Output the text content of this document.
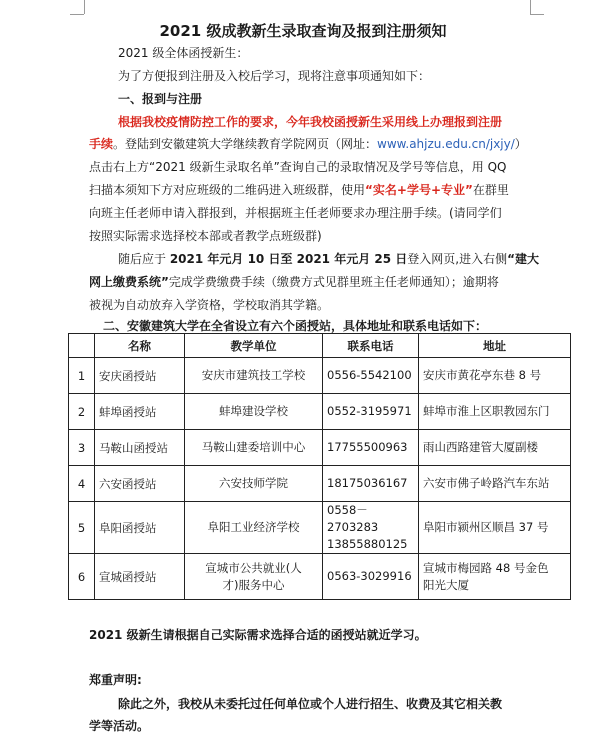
2021 级成教新生录取查询及报到注册须知
2021 级全体函授新生：
为了方便报到注册及入校后学习，现将注意事项通知如下：
一、报到与注册
根据我校疫情防控工作的要求，今年我校函授新生采用线上办理报到注册
手续。登陆到安徽建筑大学继续教育学院网页（网址：www.ahjzu.edu.cn/jxjy/）
点击右上方“2021 级新生录取名单”查询自己的录取情况及学号等信息，用 QQ
扫描本须知下方对应班级的二维码进入班级群，使用“实名+学号+专业”在群里
向班主任老师申请入群报到，并根据班主任老师要求办理注册手续。(请同学们
按照实际需求选择校本部或者教学点班级群)
随后应于 2021 年元月 10 日至 2021 年元月 25 日登入网页,进入右侧“建大
网上缴费系统”完成学费缴费手续（缴费方式见群里班主任老师通知）；逾期将
被视为自动放弃入学资格，学校取消其学籍。
二、安徽建筑大学在全省设立有六个函授站，具体地址和联系电话如下：
	名称	教学单位	联系电话	地址
1	安庆函授站	安庆市建筑技工学校	0556-5542100	安庆市黄花亭东巷 8 号

2	蚌埠函授站	蚌埠建设学校	0552-3195971	蚌埠市淮上区职教园东门

3	马鞍山函授站	马鞍山建委培训中心	17755500963	雨山西路建管大厦副楼

4	六安函授站	六安技师学院	18175036167	六安市佛子岭路汽车东站

5	阜阳函授站	阜阳工业经济学校	0558－2703283
13855880125	阜阳市颍州区顺昌 37 号

6	宣城函授站	宣城市公共就业(人
才)服务中心	0563-3029916	宣城市梅园路 48 号金色
阳光大厦
2021 级新生请根据自己实际需求选择合适的函授站就近学习。
郑重声明:
除此之外，我校从未委托过任何单位或个人进行招生、收费及其它相关教
学等活动。
